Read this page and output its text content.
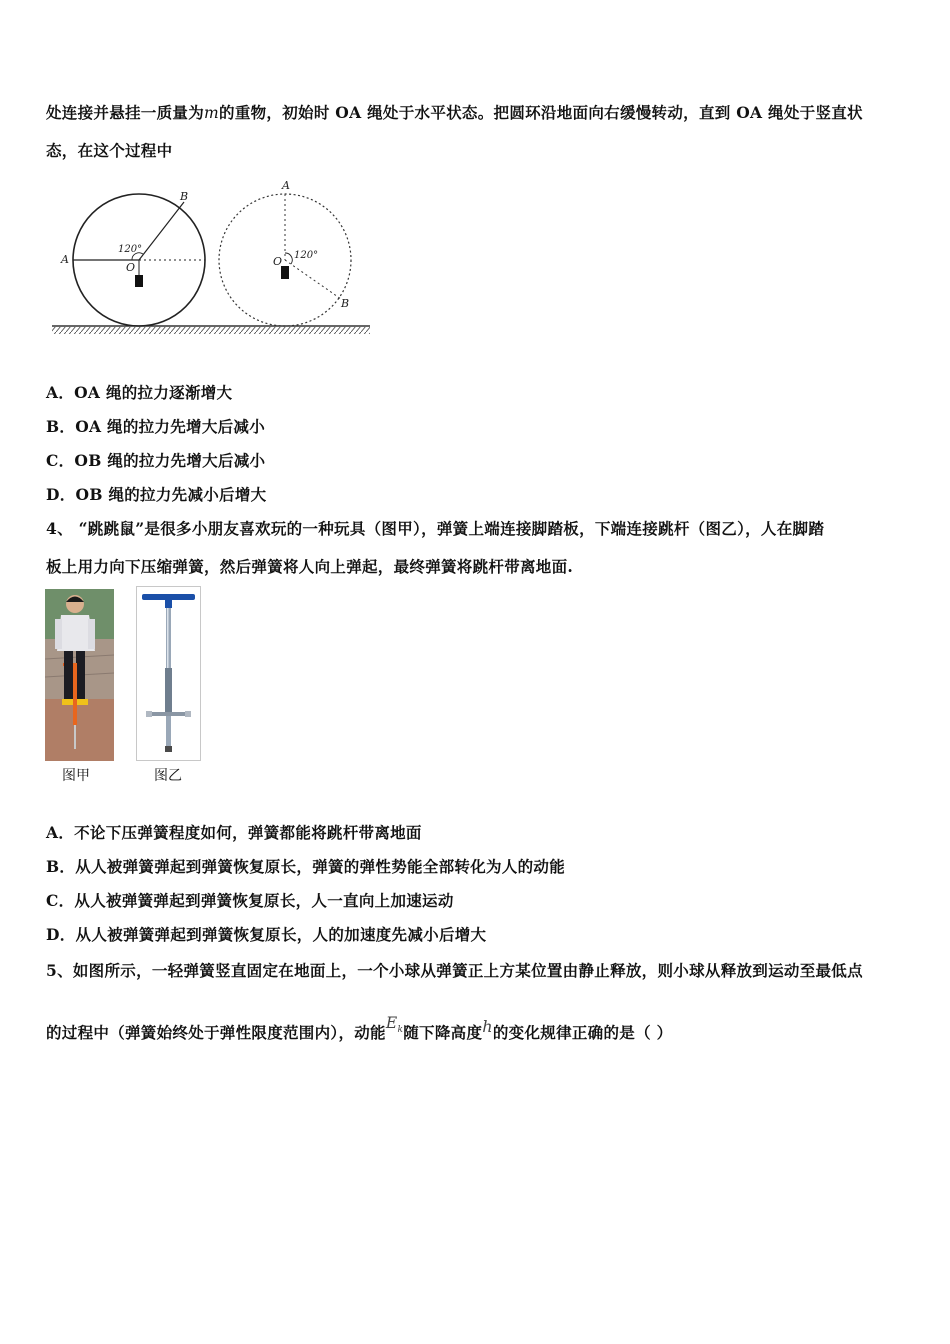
处连接并悬挂一质量为m的重物，初始时 OA 绳处于水平状态。把圆环沿地面向右缓慢转动，直到 OA 绳处于竖直状
态，在这个过程中
A
B
O
120°
A
B
O 120°
A．OA 绳的拉力逐渐增大
B．OA 绳的拉力先增大后减小
C．OB 绳的拉力先增大后减小
D．OB 绳的拉力先减小后增大
4、 “跳跳鼠”是很多小朋友喜欢玩的一种玩具（图甲），弹簧上端连接脚踏板，下端连接跳杆（图乙），人在脚踏
板上用力向下压缩弹簧，然后弹簧将人向上弹起，最终弹簧将跳杆带离地面.
图甲	图乙
A．不论下压弹簧程度如何，弹簧都能将跳杆带离地面
B．从人被弹簧弹起到弹簧恢复原长，弹簧的弹性势能全部转化为人的动能
C．从人被弹簧弹起到弹簧恢复原长，人一直向上加速运动
D．从人被弹簧弹起到弹簧恢复原长，人的加速度先减小后增大
5、如图所示，一轻弹簧竖直固定在地面上，一个小球从弹簧正上方某位置由静止释放，则小球从释放到运动至最低点
的过程中（弹簧始终处于弹性限度范围内），动能$E_k$随下降高度h的变化规律正确的是（ ）
